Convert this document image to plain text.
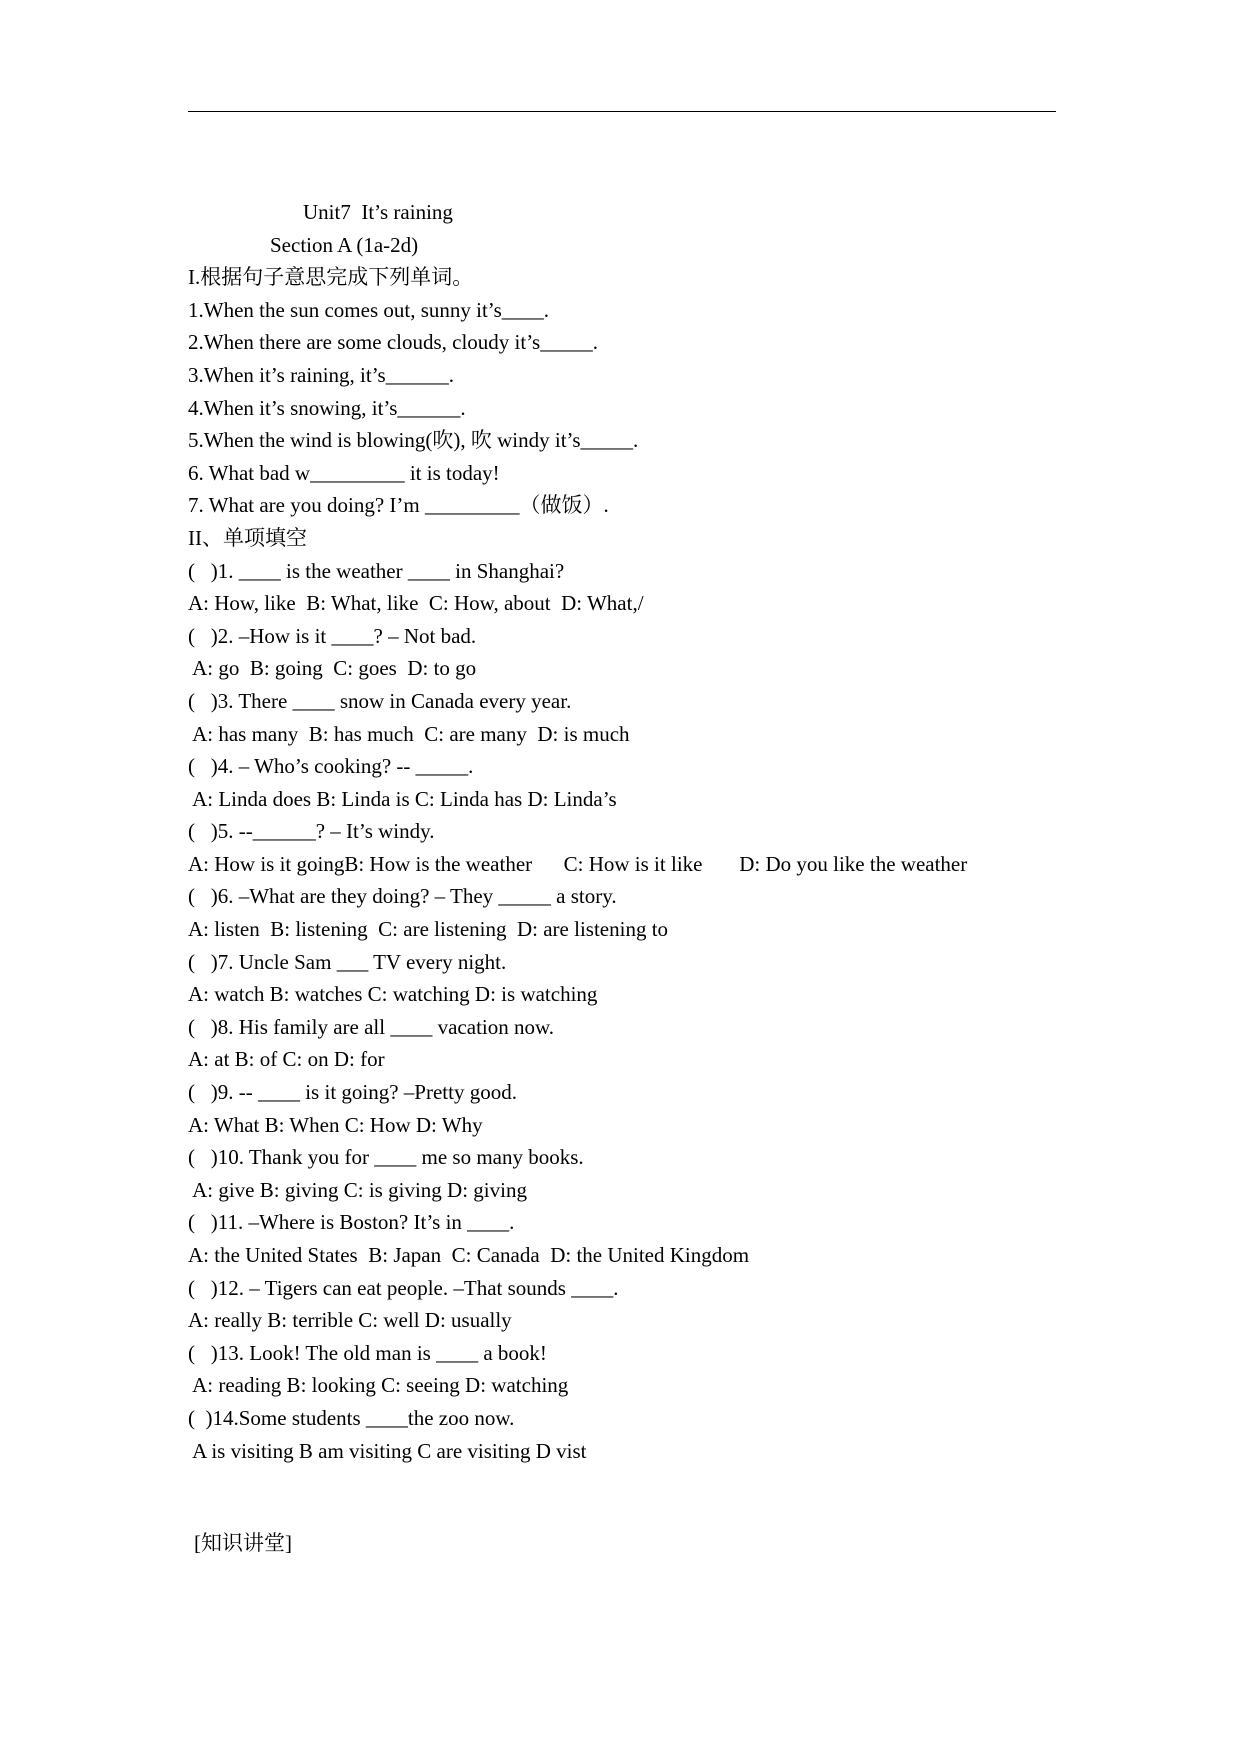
Unit7  It’s raining
Section A (1a-2d)
I.根据句子意思完成下列单词。
1.When the sun comes out, sunny it’s____.
2.When there are some clouds, cloudy it’s_____.
3.When it’s raining, it’s______.
4.When it’s snowing, it’s______.
5.When the wind is blowing(吹), 吹 windy it’s_____.
6. What bad w_________ it is today!
7. What are you doing? I’m _________（做饭）.
II、单项填空
(   )1. ____ is the weather ____ in Shanghai?
A: How, like  B: What, like  C: How, about  D: What,/
(   )2. –How is it ____? – Not bad.
A: go  B: going  C: goes  D: to go
(   )3. There ____ snow in Canada every year.
A: has many  B: has much  C: are many  D: is much
(   )4. – Who’s cooking? -- _____.
A: Linda does B: Linda is C: Linda has D: Linda’s
(   )5. --______? – It’s windy.
A: How is it goingB: How is the weather      C: How is it like       D: Do you like the weather
(   )6. –What are they doing? – They _____ a story.
A: listen  B: listening  C: are listening  D: are listening to
(   )7. Uncle Sam ___ TV every night.
A: watch B: watches C: watching D: is watching
(   )8. His family are all ____ vacation now.
A: at B: of C: on D: for
(   )9. -- ____ is it going? –Pretty good.
A: What B: When C: How D: Why
(   )10. Thank you for ____ me so many books.
A: give B: giving C: is giving D: giving
(   )11. –Where is Boston? It’s in ____.
A: the United States  B: Japan  C: Canada  D: the United Kingdom
(   )12. – Tigers can eat people. –That sounds ____.
A: really B: terrible C: well D: usually
(   )13. Look! The old man is ____ a book!
A: reading B: looking C: seeing D: watching
(  )14.Some students ____the zoo now.
A is visiting B am visiting C are visiting D vist
[知识讲堂]
